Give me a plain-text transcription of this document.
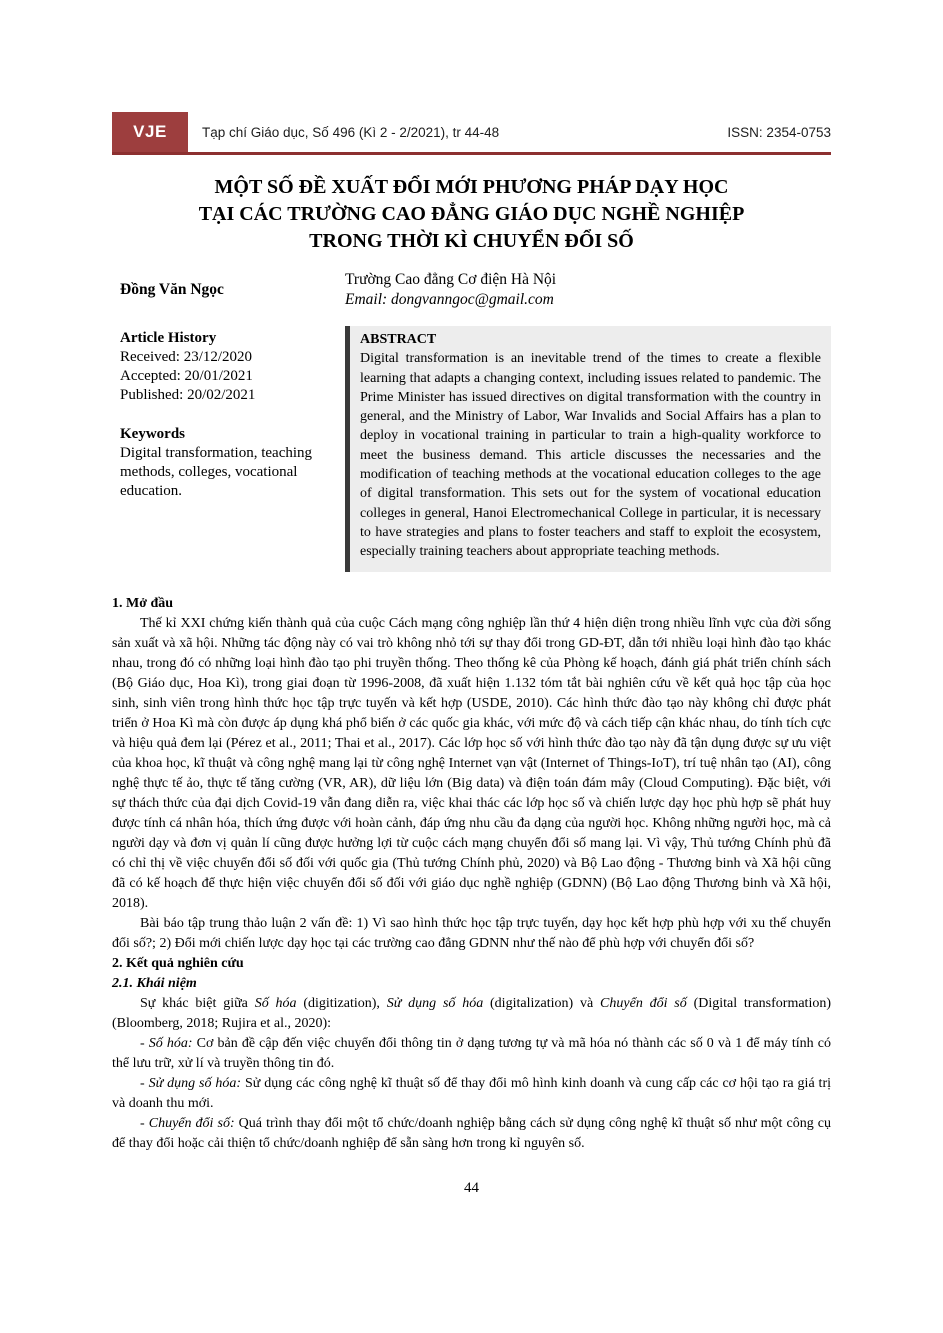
VJE	Tạp chí Giáo dục, Số 496 (Kì 2 - 2/2021), tr 44-48	ISSN: 2354-0753
MỘT SỐ ĐỀ XUẤT ĐỔI MỚI PHƯƠNG PHÁP DẠY HỌC
TẠI CÁC TRƯỜNG CAO ĐẲNG GIÁO DỤC NGHỀ NGHIỆP
TRONG THỜI KÌ CHUYỂN ĐỔI SỐ
Đồng Văn Ngọc
Trường Cao đẳng Cơ điện Hà Nội
Email: dongvanngoc@gmail.com
Article History
Received: 23/12/2020
Accepted: 20/01/2021
Published: 20/02/2021
Keywords
Digital transformation, teaching methods, colleges, vocational education.
ABSTRACT
Digital transformation is an inevitable trend of the times to create a flexible learning that adapts a changing context, including issues related to pandemic. The Prime Minister has issued directives on digital transformation with the country in general, and the Ministry of Labor, War Invalids and Social Affairs has a plan to deploy in vocational training in particular to train a high-quality workforce to meet the business demand. This article discusses the necessaries and the modification of teaching methods at the vocational education colleges to the age of digital transformation. This sets out for the system of vocational education colleges in general, Hanoi Electromechanical College in particular, it is necessary to have strategies and plans to foster teachers and staff to exploit the ecosystem, especially training teachers about appropriate teaching methods.
1. Mở đầu

Thế kỉ XXI chứng kiến thành quả của cuộc Cách mạng công nghiệp lần thứ 4 hiện diện trong nhiều lĩnh vực của đời sống sản xuất và xã hội. Những tác động này có vai trò không nhỏ tới sự thay đổi trong GD-ĐT, dẫn tới nhiều loại hình đào tạo khác nhau, trong đó có những loại hình đào tạo phi truyền thống. Theo thống kê của Phòng kế hoạch, đánh giá phát triển chính sách (Bộ Giáo dục, Hoa Kì), trong giai đoạn từ 1996-2008, đã xuất hiện 1.132 tóm tắt bài nghiên cứu về kết quả học tập của học sinh, sinh viên trong hình thức học tập trực tuyến và kết hợp (USDE, 2010). Các hình thức đào tạo này không chỉ được phát triển ở Hoa Kì mà còn được áp dụng khá phổ biến ở các quốc gia khác, với mức độ và cách tiếp cận khác nhau, do tính tích cực và hiệu quả đem lại (Pérez et al., 2011; Thai et al., 2017). Các lớp học số với hình thức đào tạo này đã tận dụng được sự ưu việt của khoa học, kĩ thuật và công nghệ mang lại từ công nghệ Internet vạn vật (Internet of Things-IoT), trí tuệ nhân tạo (AI), công nghệ thực tế ảo, thực tế tăng cường (VR, AR), dữ liệu lớn (Big data) và điện toán đám mây (Cloud Computing). Đặc biệt, với sự thách thức của đại dịch Covid-19 vẫn đang diễn ra, việc khai thác các lớp học số và chiến lược dạy học phù hợp sẽ phát huy được tính cá nhân hóa, thích ứng được với hoàn cảnh, đáp ứng nhu cầu đa dạng của người học. Không những người học, mà cả người dạy và đơn vị quản lí cũng được hưởng lợi từ cuộc cách mạng chuyển đổi số mang lại. Vì vậy, Thủ tướng Chính phủ đã có chỉ thị về việc chuyển đổi số đối với quốc gia (Thủ tướng Chính phủ, 2020) và Bộ Lao động - Thương binh và Xã hội cũng đã có kế hoạch để thực hiện việc chuyển đổi số đối với giáo dục nghề nghiệp (GDNN) (Bộ Lao động Thương binh và Xã hội, 2018).

Bài báo tập trung thảo luận 2 vấn đề: 1) Vì sao hình thức học tập trực tuyến, dạy học kết hợp phù hợp với xu thế chuyển đổi số?; 2) Đổi mới chiến lược dạy học tại các trường cao đẳng GDNN như thế nào để phù hợp với chuyển đổi số?

2. Kết quả nghiên cứu
2.1. Khái niệm

Sự khác biệt giữa Số hóa (digitization), Sử dụng số hóa (digitalization) và Chuyển đổi số (Digital transformation) (Bloomberg, 2018; Rujira et al., 2020):

- Số hóa: Cơ bản đề cập đến việc chuyển đổi thông tin ở dạng tương tự và mã hóa nó thành các số 0 và 1 để máy tính có thể lưu trữ, xử lí và truyền thông tin đó.

- Sử dụng số hóa: Sử dụng các công nghệ kĩ thuật số để thay đổi mô hình kinh doanh và cung cấp các cơ hội tạo ra giá trị và doanh thu mới.

- Chuyển đổi số: Quá trình thay đổi một tổ chức/doanh nghiệp bằng cách sử dụng công nghệ kĩ thuật số như một công cụ để thay đổi hoặc cải thiện tổ chức/doanh nghiệp để sẵn sàng hơn trong kỉ nguyên số.

44
